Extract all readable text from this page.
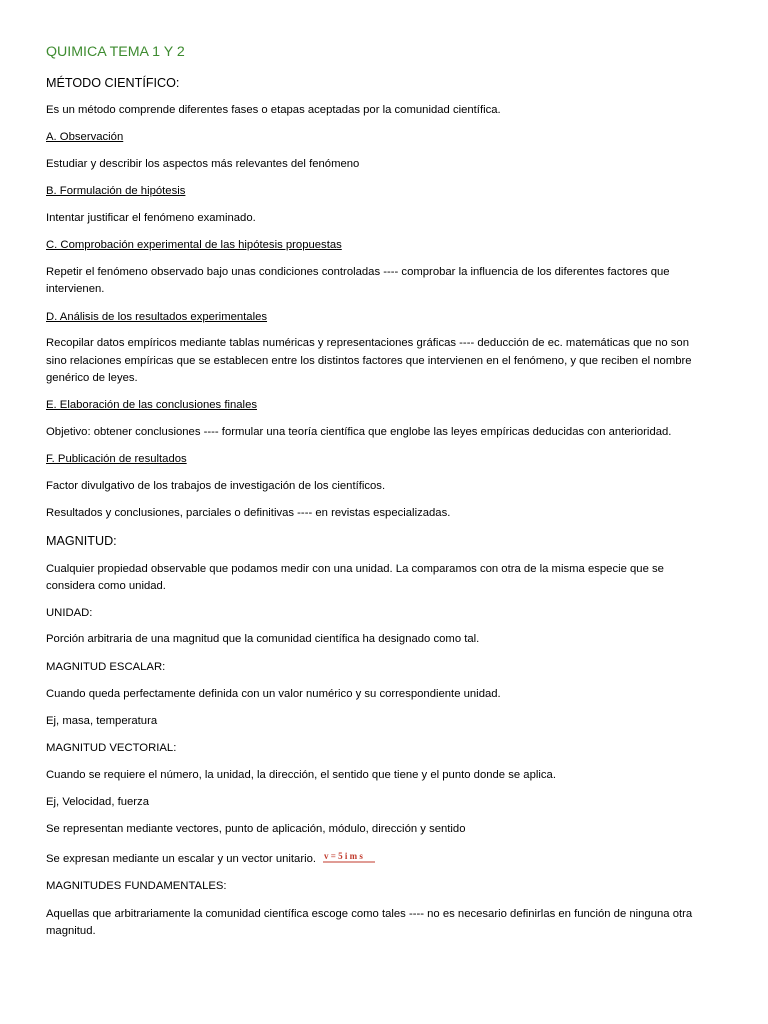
QUIMICA TEMA 1 Y 2
MÉTODO CIENTÍFICO:
Es un método comprende diferentes fases o etapas aceptadas por la comunidad científica.
A. Observación
Estudiar y describir los aspectos más relevantes del fenómeno
B. Formulación de hipótesis
Intentar justificar el fenómeno examinado.
C. Comprobación experimental de las hipótesis propuestas
Repetir el fenómeno observado bajo unas condiciones controladas ---- comprobar la influencia de los diferentes factores que
intervienen.
D. Análisis de los resultados experimentales
Recopilar datos empíricos mediante tablas numéricas y representaciones gráficas ---- deducción de ec. matemáticas que no son
sino relaciones empíricas que se establecen entre los distintos factores que intervienen en el fenómeno, y que reciben el nombre
genérico de leyes.
E. Elaboración de las conclusiones finales
Objetivo: obtener conclusiones ---- formular una teoría científica que englobe las leyes empíricas deducidas con anterioridad.
F. Publicación de resultados
Factor divulgativo de los trabajos de investigación de los científicos.
Resultados y conclusiones, parciales o definitivas ---- en revistas especializadas.
MAGNITUD:
Cualquier propiedad observable que podamos medir con una unidad. La comparamos con otra de la misma especie que se
considera como unidad.
UNIDAD:
Porción arbitraria de una magnitud que la comunidad científica ha designado como tal.
MAGNITUD ESCALAR:
Cuando queda perfectamente definida con un valor numérico y su correspondiente unidad.
Ej, masa, temperatura
MAGNITUD VECTORIAL:
Cuando se requiere el número, la unidad, la dirección, el sentido que tiene y el punto donde se aplica.
Ej, Velocidad, fuerza
Se representan mediante vectores, punto de aplicación, módulo, dirección y sentido
Se expresan mediante un escalar y un vector unitario. v = 5 i m s
MAGNITUDES FUNDAMENTALES:
Aquellas que arbitrariamente la comunidad científica escoge como tales ---- no es necesario definirlas en función de ninguna otra
magnitud.
